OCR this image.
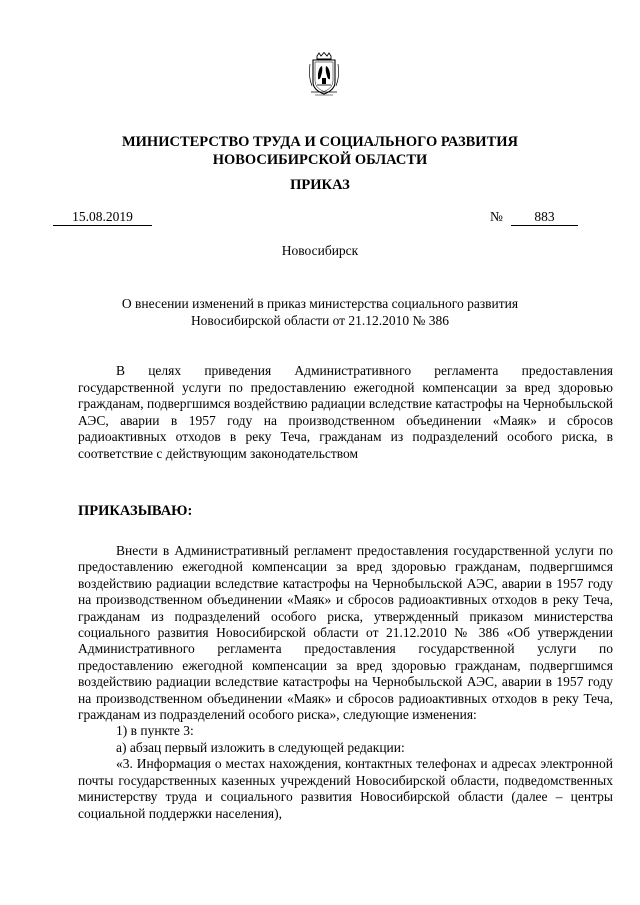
МИНИСТЕРСТВО ТРУДА И СОЦИАЛЬНОГО РАЗВИТИЯ
НОВОСИБИРСКОЙ ОБЛАСТИ
ПРИКАЗ
15.08.2019	№	883
Новосибирск
О внесении изменений в приказ министерства социального развития
Новосибирской области от 21.12.2010 № 386
В целях приведения Административного регламента предоставления государственной услуги по предоставлению ежегодной компенсации за вред здоровью гражданам, подвергшимся воздействию радиации вследствие катастрофы на Чернобыльской АЭС, аварии в 1957 году на производственном объединении «Маяк» и сбросов радиоактивных отходов в реку Теча, гражданам из подразделений особого риска, в соответствие с действующим законодательством
ПРИКАЗЫВАЮ:

Внести в Административный регламент предоставления государственной услуги по предоставлению ежегодной компенсации за вред здоровью гражданам, подвергшимся воздействию радиации вследствие катастрофы на Чернобыльской АЭС, аварии в 1957 году на производственном объединении «Маяк» и сбросов радиоактивных отходов в реку Теча, гражданам из подразделений особого риска, утвержденный приказом министерства социального развития Новосибирской области от 21.12.2010 № 386 «Об утверждении Административного регламента предоставления государственной услуги по предоставлению ежегодной компенсации за вред здоровью гражданам, подвергшимся воздействию радиации вследствие катастрофы на Чернобыльской АЭС, аварии в 1957 году на производственном объединении «Маяк» и сбросов радиоактивных отходов в реку Теча, гражданам из подразделений особого риска», следующие изменения:

1) в пункте 3:

а) абзац первый изложить в следующей редакции:

«3. Информация о местах нахождения, контактных телефонах и адресах электронной почты государственных казенных учреждений Новосибирской области, подведомственных министерству труда и социального развития Новосибирской области (далее – центры социальной поддержки населения),
